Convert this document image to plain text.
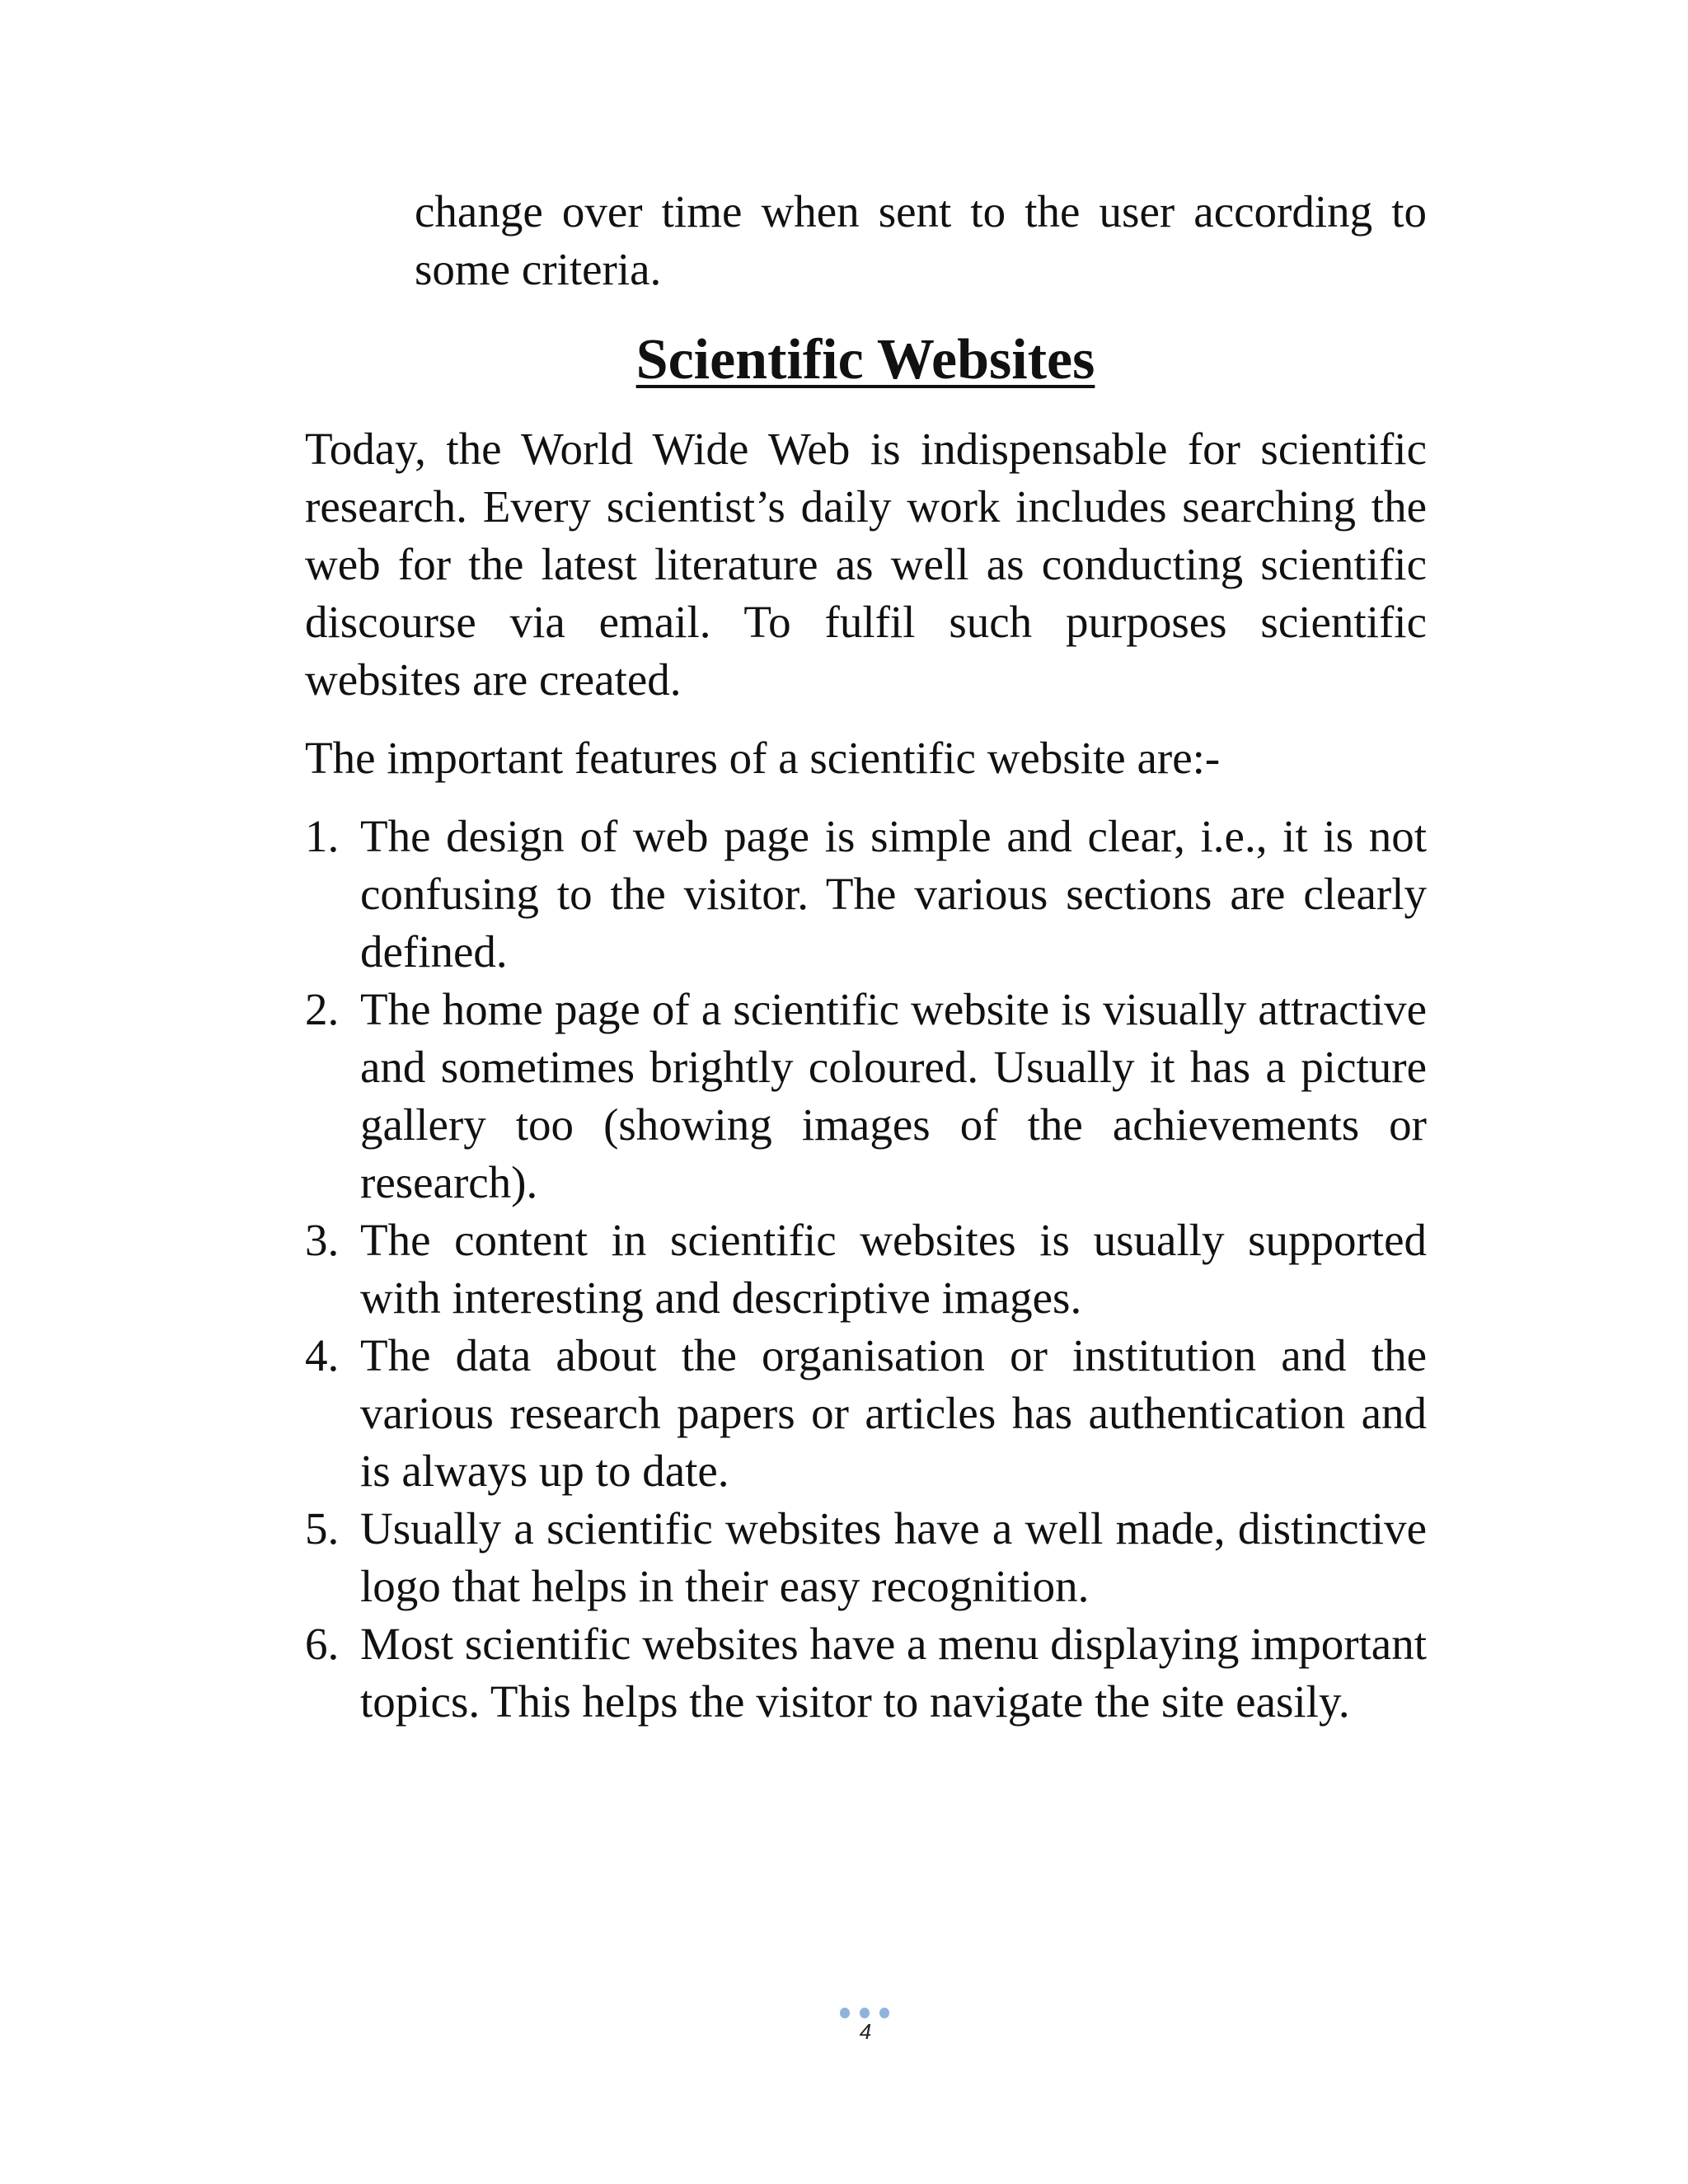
change over time when sent to the user according to some criteria.

Scientific Websites

Today, the World Wide Web is indispensable for scientific research. Every scientist’s daily work includes searching the web for the latest literature as well as conducting scientific discourse via email. To fulfil such purposes scientific websites are created.

The important features of a scientific website are:-

1. The design of web page is simple and clear, i.e., it is not confusing to the visitor. The various sections are clearly defined.
2. The home page of a scientific website is visually attractive and sometimes brightly coloured. Usually it has a picture gallery too (showing images of the achievements or research).
3. The content in scientific websites is usually supported with interesting and descriptive images.
4. The data about the organisation or institution and the various research papers or articles has authentication and is always up to date.
5. Usually a scientific websites have a well made, distinctive logo that helps in their easy recognition.
6. Most scientific websites have a menu displaying important topics. This helps the visitor to navigate the site easily.
4
